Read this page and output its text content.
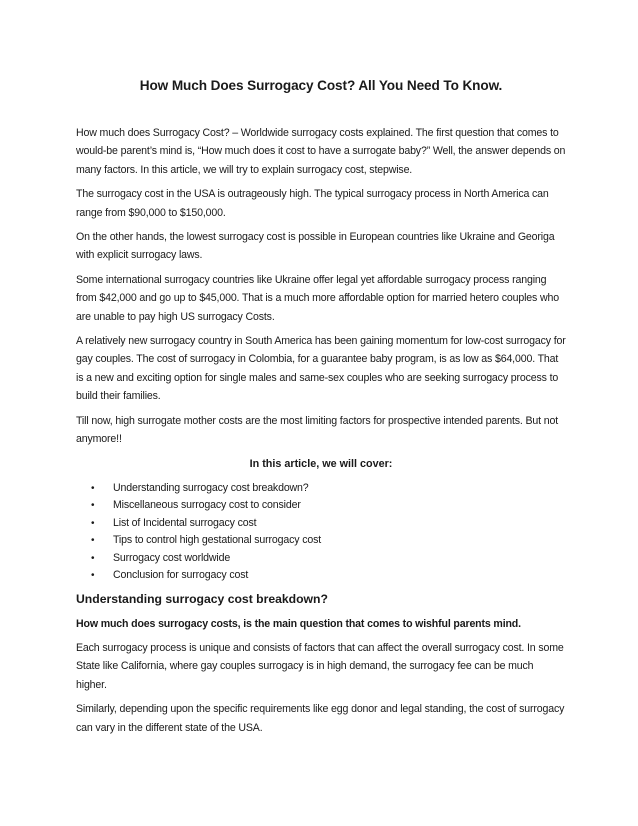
How Much Does Surrogacy Cost? All You Need To Know.

How much does Surrogacy Cost? – Worldwide surrogacy costs explained. The first question that comes to would-be parent’s mind is, “How much does it cost to have a surrogate baby?” Well, the answer depends on many factors. In this article, we will try to explain surrogacy cost, stepwise.

The surrogacy cost in the USA is outrageously high. The typical surrogacy process in North America can range from $90,000 to $150,000.

On the other hands, the lowest surrogacy cost is possible in European countries like Ukraine and Georiga with explicit surrogacy laws.

Some international surrogacy countries like Ukraine offer legal yet affordable surrogacy process ranging from $42,000 and go up to $45,000. That is a much more affordable option for married hetero couples who are unable to pay high US surrogacy Costs.

A relatively new surrogacy country in South America has been gaining momentum for low-cost surrogacy for gay couples. The cost of surrogacy in Colombia, for a guarantee baby program, is as low as $64,000. That is a new and exciting option for single males and same-sex couples who are seeking surrogacy process to build their families.

Till now, high surrogate mother costs are the most limiting factors for prospective intended parents. But not anymore!!

In this article, we will cover:
• Understanding surrogacy cost breakdown?
• Miscellaneous surrogacy cost to consider
• List of Incidental surrogacy cost
• Tips to control high gestational surrogacy cost
• Surrogacy cost worldwide
• Conclusion for surrogacy cost
Understanding surrogacy cost breakdown?

How much does surrogacy costs, is the main question that comes to wishful parents mind.

Each surrogacy process is unique and consists of factors that can affect the overall surrogacy cost. In some State like California, where gay couples surrogacy is in high demand, the surrogacy fee can be much higher.

Similarly, depending upon the specific requirements like egg donor and legal standing, the cost of surrogacy can vary in the different state of the USA.
